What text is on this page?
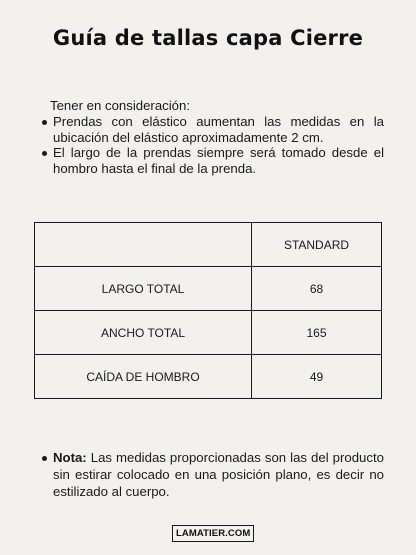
Guía de tallas capa Cierre
Tener en consideración:
Prendas con elástico aumentan las medidas en la ubicación del elástico aproximadamente 2 cm.
El largo de la prendas siempre será tomado desde el hombro hasta el final de la prenda.
	STANDARD
LARGO TOTAL	68
ANCHO TOTAL	165
CAÍDA DE HOMBRO	49
Nota: Las medidas proporcionadas son las del producto sin estirar colocado en una posición plano, es decir no estilizado al cuerpo.
LAMATIER.COM
